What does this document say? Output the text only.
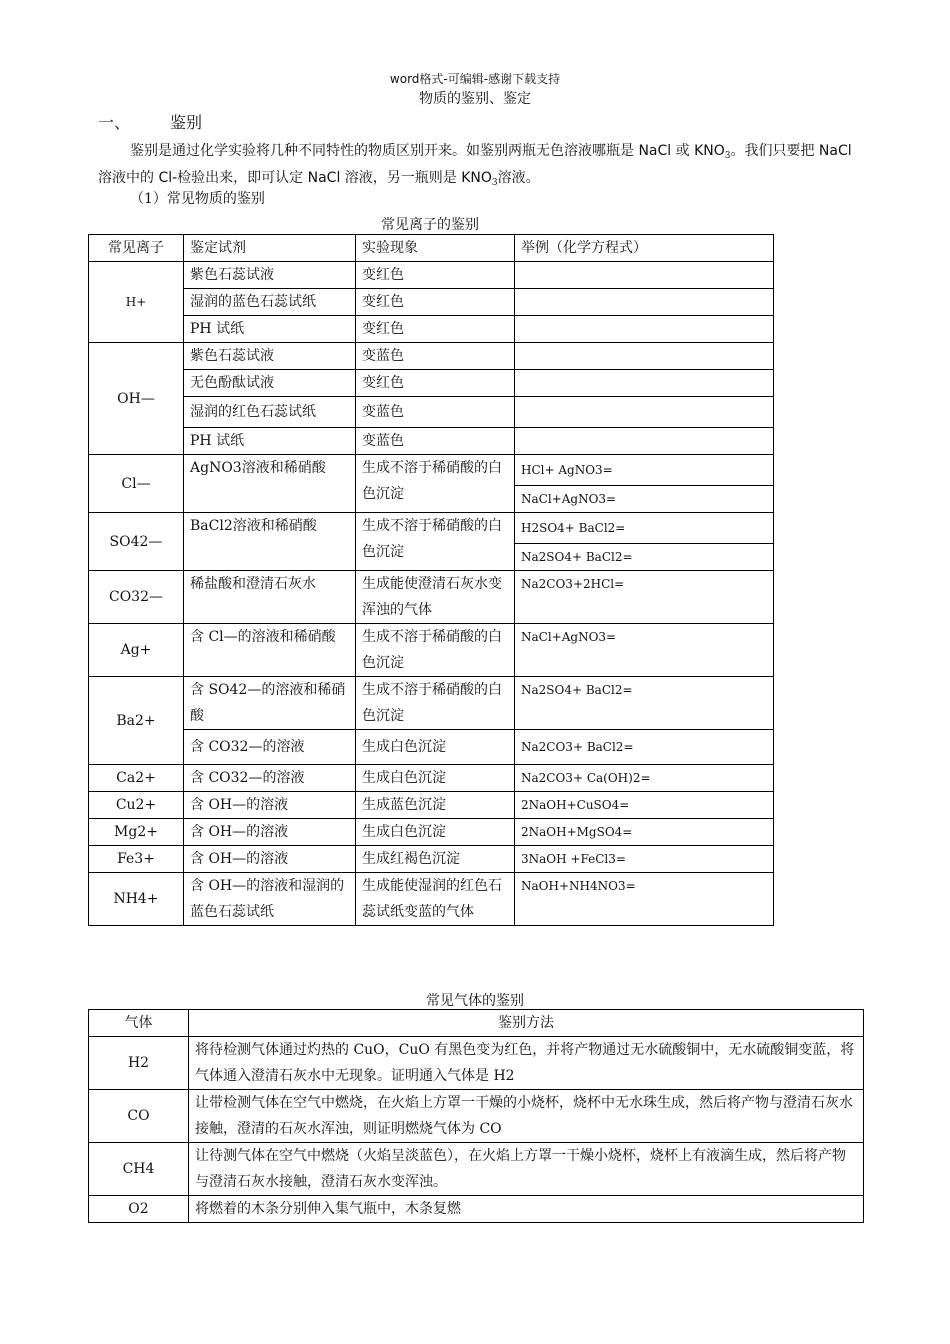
word格式-可编辑-感谢下载支持
物质的鉴别、鉴定
一、	鉴别
鉴别是通过化学实验将几种不同特性的物质区别开来。如鉴别两瓶无色溶液哪瓶是 NaCl 或 $KNO_3$。我们只要把 NaCl 溶液中的 Cl-检验出来，即可认定 NaCl 溶液，另一瓶则是 $KNO_3$溶液。
（1）常见物质的鉴别
常见离子的鉴别
常见离子	鉴定试剂	实验现象	举例（化学方程式）
H+	紫色石蕊试液	变红色	
	湿润的蓝色石蕊试纸	变红色	
	PH 试纸	变红色	
OH—	紫色石蕊试液	变蓝色	
	无色酚酞试液	变红色	
	湿润的红色石蕊试纸	变蓝色	
	PH 试纸	变蓝色	
Cl—	AgNO3溶液和稀硝酸	生成不溶于稀硝酸的白色沉淀	HCl+ AgNO3=
			NaCl+AgNO3=
SO42—	BaCl2溶液和稀硝酸	生成不溶于稀硝酸的白色沉淀	H2SO4+ BaCl2=
			Na2SO4+ BaCl2=
CO32—	稀盐酸和澄清石灰水	生成能使澄清石灰水变浑浊的气体	Na2CO3+2HCl=
Ag+	含 Cl—的溶液和稀硝酸	生成不溶于稀硝酸的白色沉淀	NaCl+AgNO3=
Ba2+	含 SO42—的溶液和稀硝酸	生成不溶于稀硝酸的白色沉淀	Na2SO4+ BaCl2=
	含 CO32—的溶液	生成白色沉淀	Na2CO3+ BaCl2=
Ca2+	含 CO32—的溶液	生成白色沉淀	Na2CO3+ Ca(OH)2=
Cu2+	含 OH—的溶液	生成蓝色沉淀	2NaOH+CuSO4=
Mg2+	含 OH—的溶液	生成白色沉淀	2NaOH+MgSO4=
Fe3+	含 OH—的溶液	生成红褐色沉淀	3NaOH +FeCl3=
NH4+	含 OH—的溶液和湿润的蓝色石蕊试纸	生成能使湿润的红色石蕊试纸变蓝的气体	NaOH+NH4NO3=
常见气体的鉴别
气体	鉴别方法
H2	将待检测气体通过灼热的 CuO，CuO 有黑色变为红色，并将产物通过无水硫酸铜中，无水硫酸铜变蓝，将气体通入澄清石灰水中无现象。证明通入气体是 H2
CO	让带检测气体在空气中燃烧，在火焰上方罩一干燥的小烧杯，烧杯中无水珠生成，然后将产物与澄清石灰水接触，澄清的石灰水浑浊，则证明燃烧气体为 CO
CH4	让待测气体在空气中燃烧（火焰呈淡蓝色），在火焰上方罩一干燥小烧杯，烧杯上有液滴生成，然后将产物与澄清石灰水接触，澄清石灰水变浑浊。
O2	将燃着的木条分别伸入集气瓶中，木条复燃
